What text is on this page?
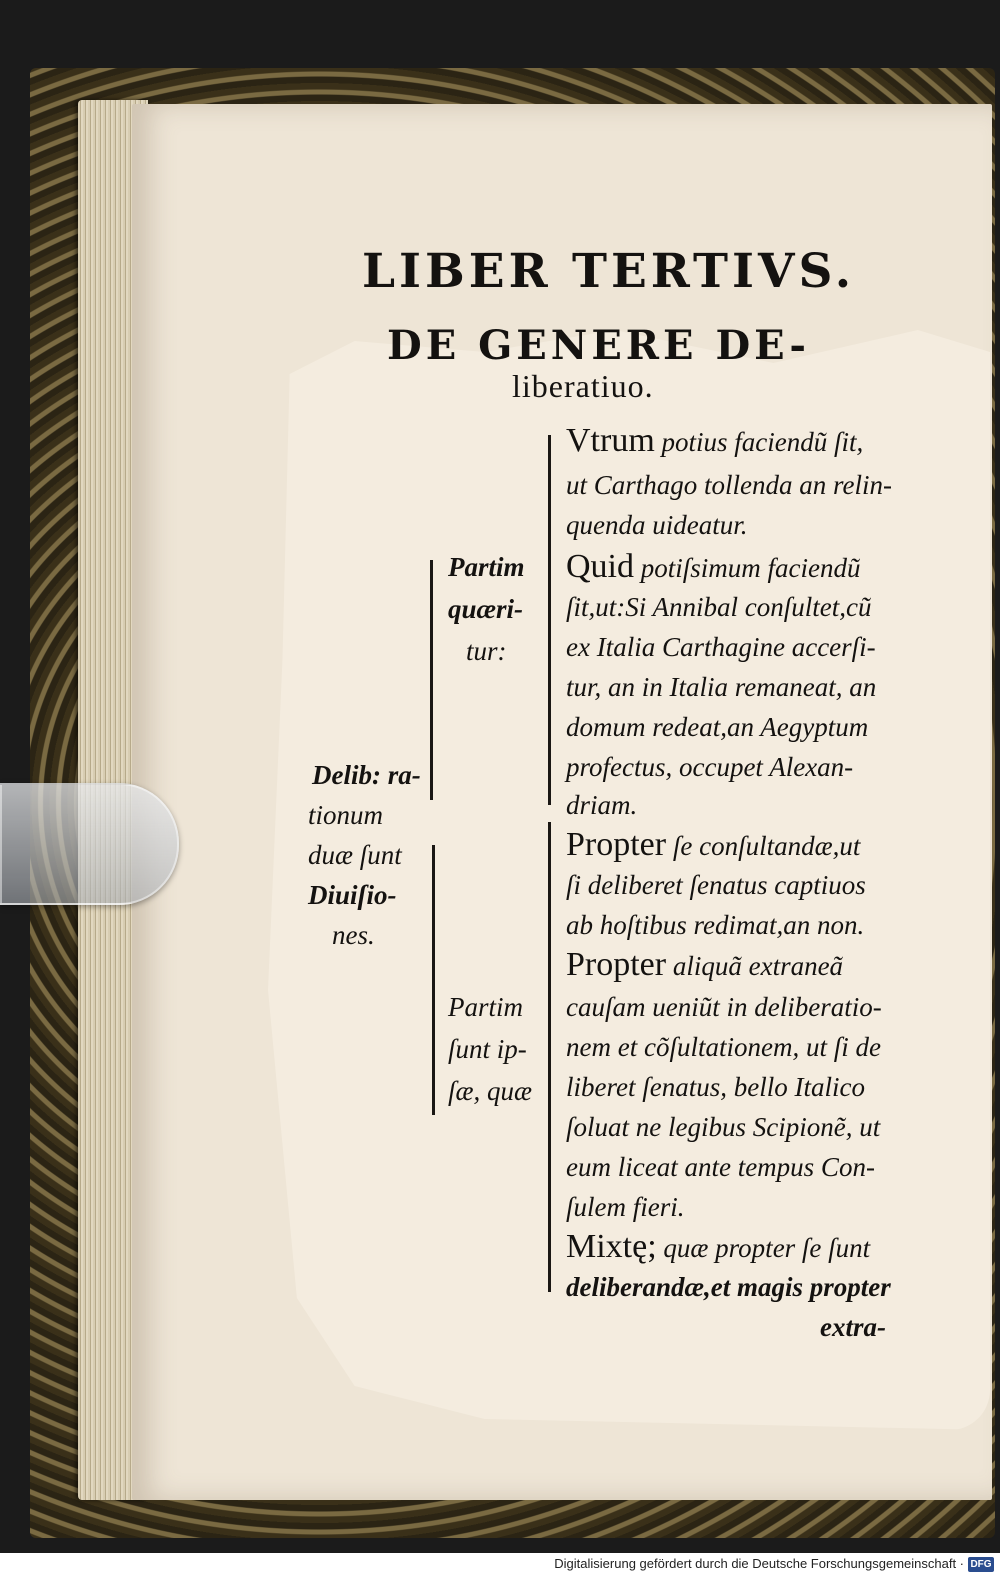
LIBER TERTIVS.
DE GENERE DE-
liberatiuo.
Delib: ra-
tionum
duæ ſunt
Diuiſio-
nes.
Partim
quæri-
tur:
Partim
ſunt ip-
ſæ, quæ
Vtrum potius faciendũ ſit,
ut Carthago tollenda an relin-
quenda uideatur.
Quid potiſsimum faciendũ
ſit,ut:Si Annibal conſultet,cũ
ex Italia Carthagine accerſi-
tur, an in Italia remaneat, an
domum redeat,an Aegyptum
profectus, occupet Alexan-
driam.
Propter ſe conſultandæ,ut
ſi deliberet ſenatus captiuos
ab hoſtibus redimat,an non.
Propter aliquã extraneã
cauſam ueniũt in deliberatio-
nem et cõſultationem, ut ſi de
liberet ſenatus, bello Italico
ſoluat ne legibus Scipionẽ, ut
eum liceat ante tempus Con-
ſulem fieri.
Mixtę; quæ propter ſe ſunt
deliberandæ,et magis propter
extra-
Digitalisierung gefördert durch die Deutsche Forschungsgemeinschaft · DFG
